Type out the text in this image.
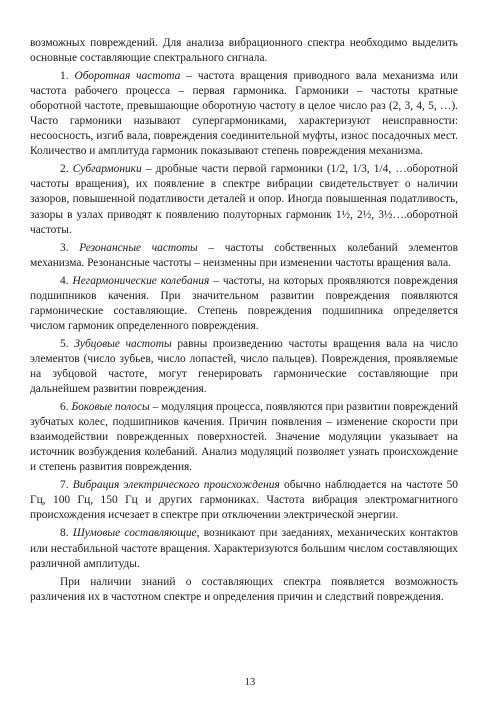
возможных повреждений. Для анализа вибрационного спектра необходимо выделить основные составляющие спектрального сигнала.

1. Оборотная частота – частота вращения приводного вала механизма или частота рабочего процесса – первая гармоника. Гармоники – частоты кратные оборотной частоте, превышающие оборотную частоту в целое число раз (2, 3, 4, 5, …). Часто гармоники называют супергармониками, характеризуют неисправности: несоосность, изгиб вала, повреждения соединительной муфты, износ посадочных мест. Количество и амплитуда гармоник показывают степень повреждения механизма.

2. Субгармоники – дробные части первой гармоники (1/2, 1/3, 1/4, …оборотной частоты вращения), их появление в спектре вибрации свидетельствует о наличии зазоров, повышенной податливости деталей и опор. Иногда повышенная податливость, зазоры в узлах приводят к появлению полуторных гармоник 1½, 2½, 3½….оборотной частоты.

3. Резонансные частоты – частоты собственных колебаний элементов механизма. Резонансные частоты – неизменны при изменении частоты вращения вала.

4. Негармонические колебания – частоты, на которых проявляются повреждения подшипников качения. При значительном развитии повреждения появляются гармонические составляющие. Степень повреждения подшипника определяется числом гармоник определенного повреждения.

5. Зубцовые частоты равны произведению частоты вращения вала на число элементов (число зубьев, число лопастей, число пальцев). Повреждения, проявляемые на зубцовой частоте, могут генерировать гармонические составляющие при дальнейшем развитии повреждения.

6. Боковые полосы – модуляция процесса, появляются при развитии повреждений зубчатых колес, подшипников качения. Причин появления – изменение скорости при взаимодействии поврежденных поверхностей. Значение модуляции указывает на источник возбуждения колебаний. Анализ модуляций позволяет узнать происхождение и степень развития повреждения.

7. Вибрация электрического происхождения обычно наблюдается на частоте 50 Гц, 100 Гц, 150 Гц и других гармониках. Частота вибрация электромагнитного происхождения исчезает в спектре при отключении электрической энергии.

8. Шумовые составляющие, возникают при заеданиях, механических контактов или нестабильной частоте вращения. Характеризуются большим числом составляющих различной амплитуды.

При наличии знаний о составляющих спектра появляется возможность различения их в частотном спектре и определения причин и следствий повреждения.

13
